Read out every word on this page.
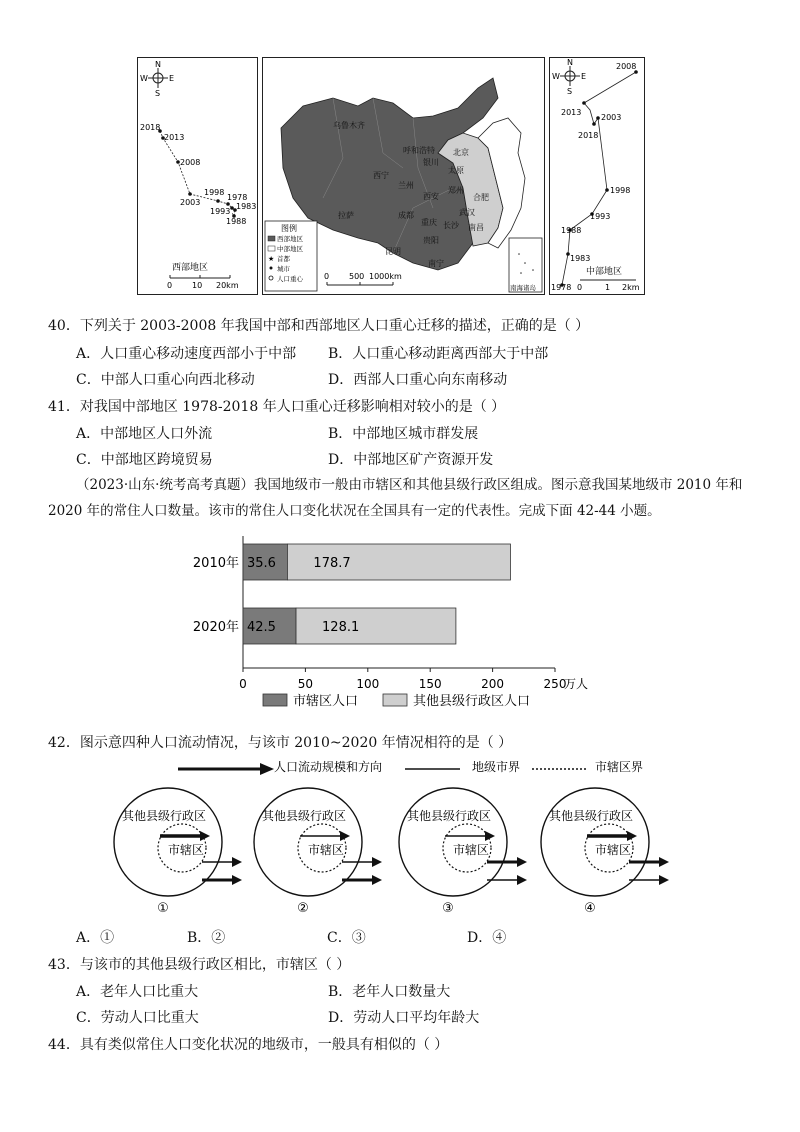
N
E
S
W
2018
2013
2008
1998
1978
2003	1983
1993
1988
西部地区
0 10 20km
乌鲁木齐
呼和浩特 北京
银川
太原
西宁
兰州
郑州
西安	合肥
成都
重庆
武汉
拉萨
长沙 南昌
贵阳
昆明
南宁
图例
西部地区
中部地区
★ 首都
城市
人口重心	0 500 1000km
南海诸岛
N
E
S
W
2008
2013
2003
2018
1998
1993
1988
1983
1978
中部地区
0	1 2km
40．下列关于 2003-2008 年我国中部和西部地区人口重心迁移的描述，正确的是（ ）
A．人口重心移动速度西部小于中部 B．人口重心移动距离西部大于中部
C．中部人口重心向西北移动	D．西部人口重心向东南移动
41．对我国中部地区 1978-2018 年人口重心迁移影响相对较小的是（ ）
A．中部地区人口外流	B．中部地区城市群发展
C．中部地区跨境贸易	D．中部地区矿产资源开发
（2023·山东·统考高考真题）我国地级市一般由市辖区和其他县级行政区组成。图示意我国某地级市 2010 年和 2020 年的常住人口数量。该市的常住人口变化状况在全国具有一定的代表性。完成下面 42-44 小题。
0	50	100	150	200	250
万人
2010年 35.6	178.7
2020年 42.5	128.1
市辖区人口	其他县级行政区人口
42．图示意四种人口流动情况，与该市 2010~2020 年情况相符的是（ ）
人口流动规模和方向	地级市界	市辖区界
其他县级行政区
市辖区
①
其他县级行政区
市辖区
②
其他县级行政区
市辖区
③
其他县级行政区
市辖区
④
A．①	B．②	C．③	D．④
43．与该市的其他县级行政区相比，市辖区（ ）
A．老年人口比重大	B．老年人口数量大
C．劳动人口比重大	D．劳动人口平均年龄大
44．具有类似常住人口变化状况的地级市，一般具有相似的（ ）
